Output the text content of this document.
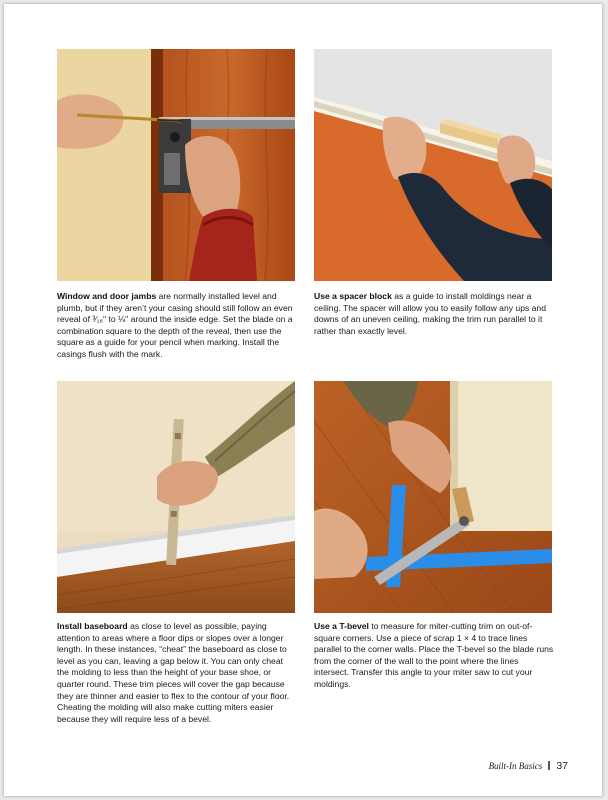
Window and door jambs are normally installed level and plumb, but if they aren’t your casing should still follow an even reveal of ³⁄₁₆" to ⅛" around the inside edge. Set the blade on a combination square to the depth of the reveal, then use the square as a guide for your pencil when marking. Install the casings flush with the mark.

Use a spacer block as a guide to install moldings near a ceiling. The spacer will allow you to easily follow any ups and downs of an uneven ceiling, making the trim run parallel to it rather than exactly level.

Install baseboard as close to level as possible, paying attention to areas where a floor dips or slopes over a longer length. In these instances, “cheat” the baseboard as close to level as you can, leaving a gap below it. You can only cheat the molding to less than the height of your base shoe, or quarter round. These trim pieces will cover the gap because they are thinner and easier to flex to the contour of your floor. Cheating the molding will also make cutting miters easier because they will require less of a bevel.

Use a T-bevel to measure for miter-cutting trim on out-of-square corners. Use a piece of scrap 1 × 4 to trace lines parallel to the corner walls. Place the T-bevel so the blade runs from the corner of the wall to the point where the lines intersect. Transfer this angle to your miter saw to cut your moldings.

Built-In Basics 37
